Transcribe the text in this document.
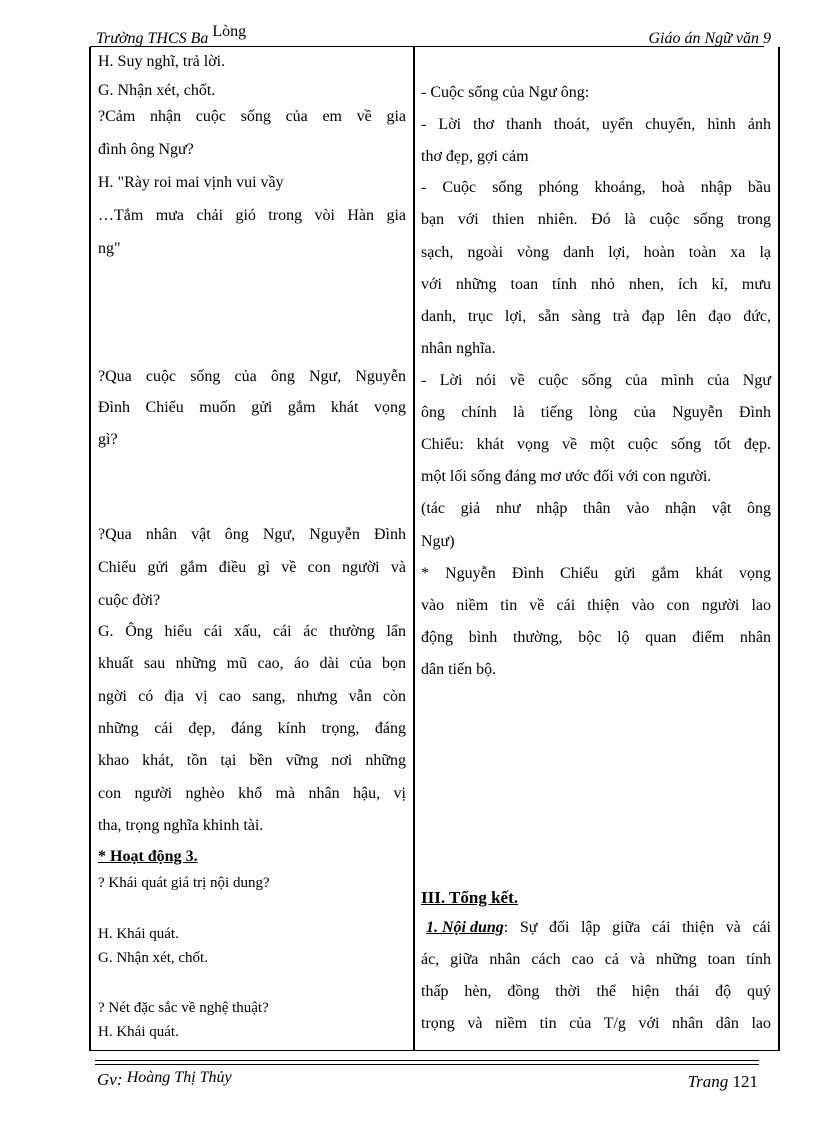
Trường THCS Ba Lòng	Giáo án Ngữ văn 9
H. Suy nghĩ, trả lời.
G. Nhận xét, chốt.
?Cảm nhận cuộc sống của em về gia
đình ông Ngư?
H. "Rày roi mai vịnh vui vầy
…Tắm mưa chải gió trong vòi Hàn gia
ng"
?Qua cuộc sống của ông Ngư, Nguyễn
Đình Chiểu muốn gửi gắm khát vọng
gì?
?Qua nhân vật ông Ngư, Nguyễn Đình
Chiểu gửi gắm điều gì về con người và
cuộc đời?
G. Ông hiểu cái xấu, cái ác thường lẩn
khuất sau những mũ cao, áo dài của bọn
ngời có địa vị cao sang, nhưng vẫn còn
những cái đẹp, đáng kính trọng, đáng
khao khát, tồn tại bền vững nơi những
con người nghèo khổ mà nhân hậu, vị
tha, trọng nghĩa khinh tài.
* Hoạt động 3.
? Khái quát giá trị nội dung?
H. Khái quát.
G. Nhận xét, chốt.
? Nét đặc sắc về nghệ thuật?
H. Khái quát.
- Cuộc sống của Ngư ông:
- Lời thơ thanh thoát, uyển chuyển, hình ảnh
thơ đẹp, gợi cảm
- Cuộc sống phóng khoáng, hoà nhập bầu
bạn với thien nhiên. Đó là cuộc sống trong
sạch, ngoài vòng danh lợi, hoàn toàn xa lạ
với những toan tính nhỏ nhen, ích kỉ, mưu
danh, trục lợi, sẵn sàng trà đạp lên đạo đức,
nhân nghĩa.
- Lời nói về cuộc sống của mình của Ngư
ông chính là tiếng lòng của Nguyễn Đình
Chiểu: khát vọng về một cuộc sống tốt đẹp.
một lối sống đáng mơ ước đối với con người.
(tác giả như nhập thân vào nhận vật ông
Ngư)
* Nguyễn Đình Chiểu gửi gắm khát vọng
vào niềm tin về cái thiện vào con người lao
động bình thường, bộc lộ quan điểm nhân
dân tiến bộ.
III. Tổng kết.
1. Nội dung : Sự đối lập giữa cái thiện và cái
ác, giữa nhân cách cao cả và những toan tính
thấp hèn, đồng thời thể hiện thái độ quý
trọng và niềm tin của T/g với nhân dân lao
Gv: Hoàng Thị Thủy	Trang 121
